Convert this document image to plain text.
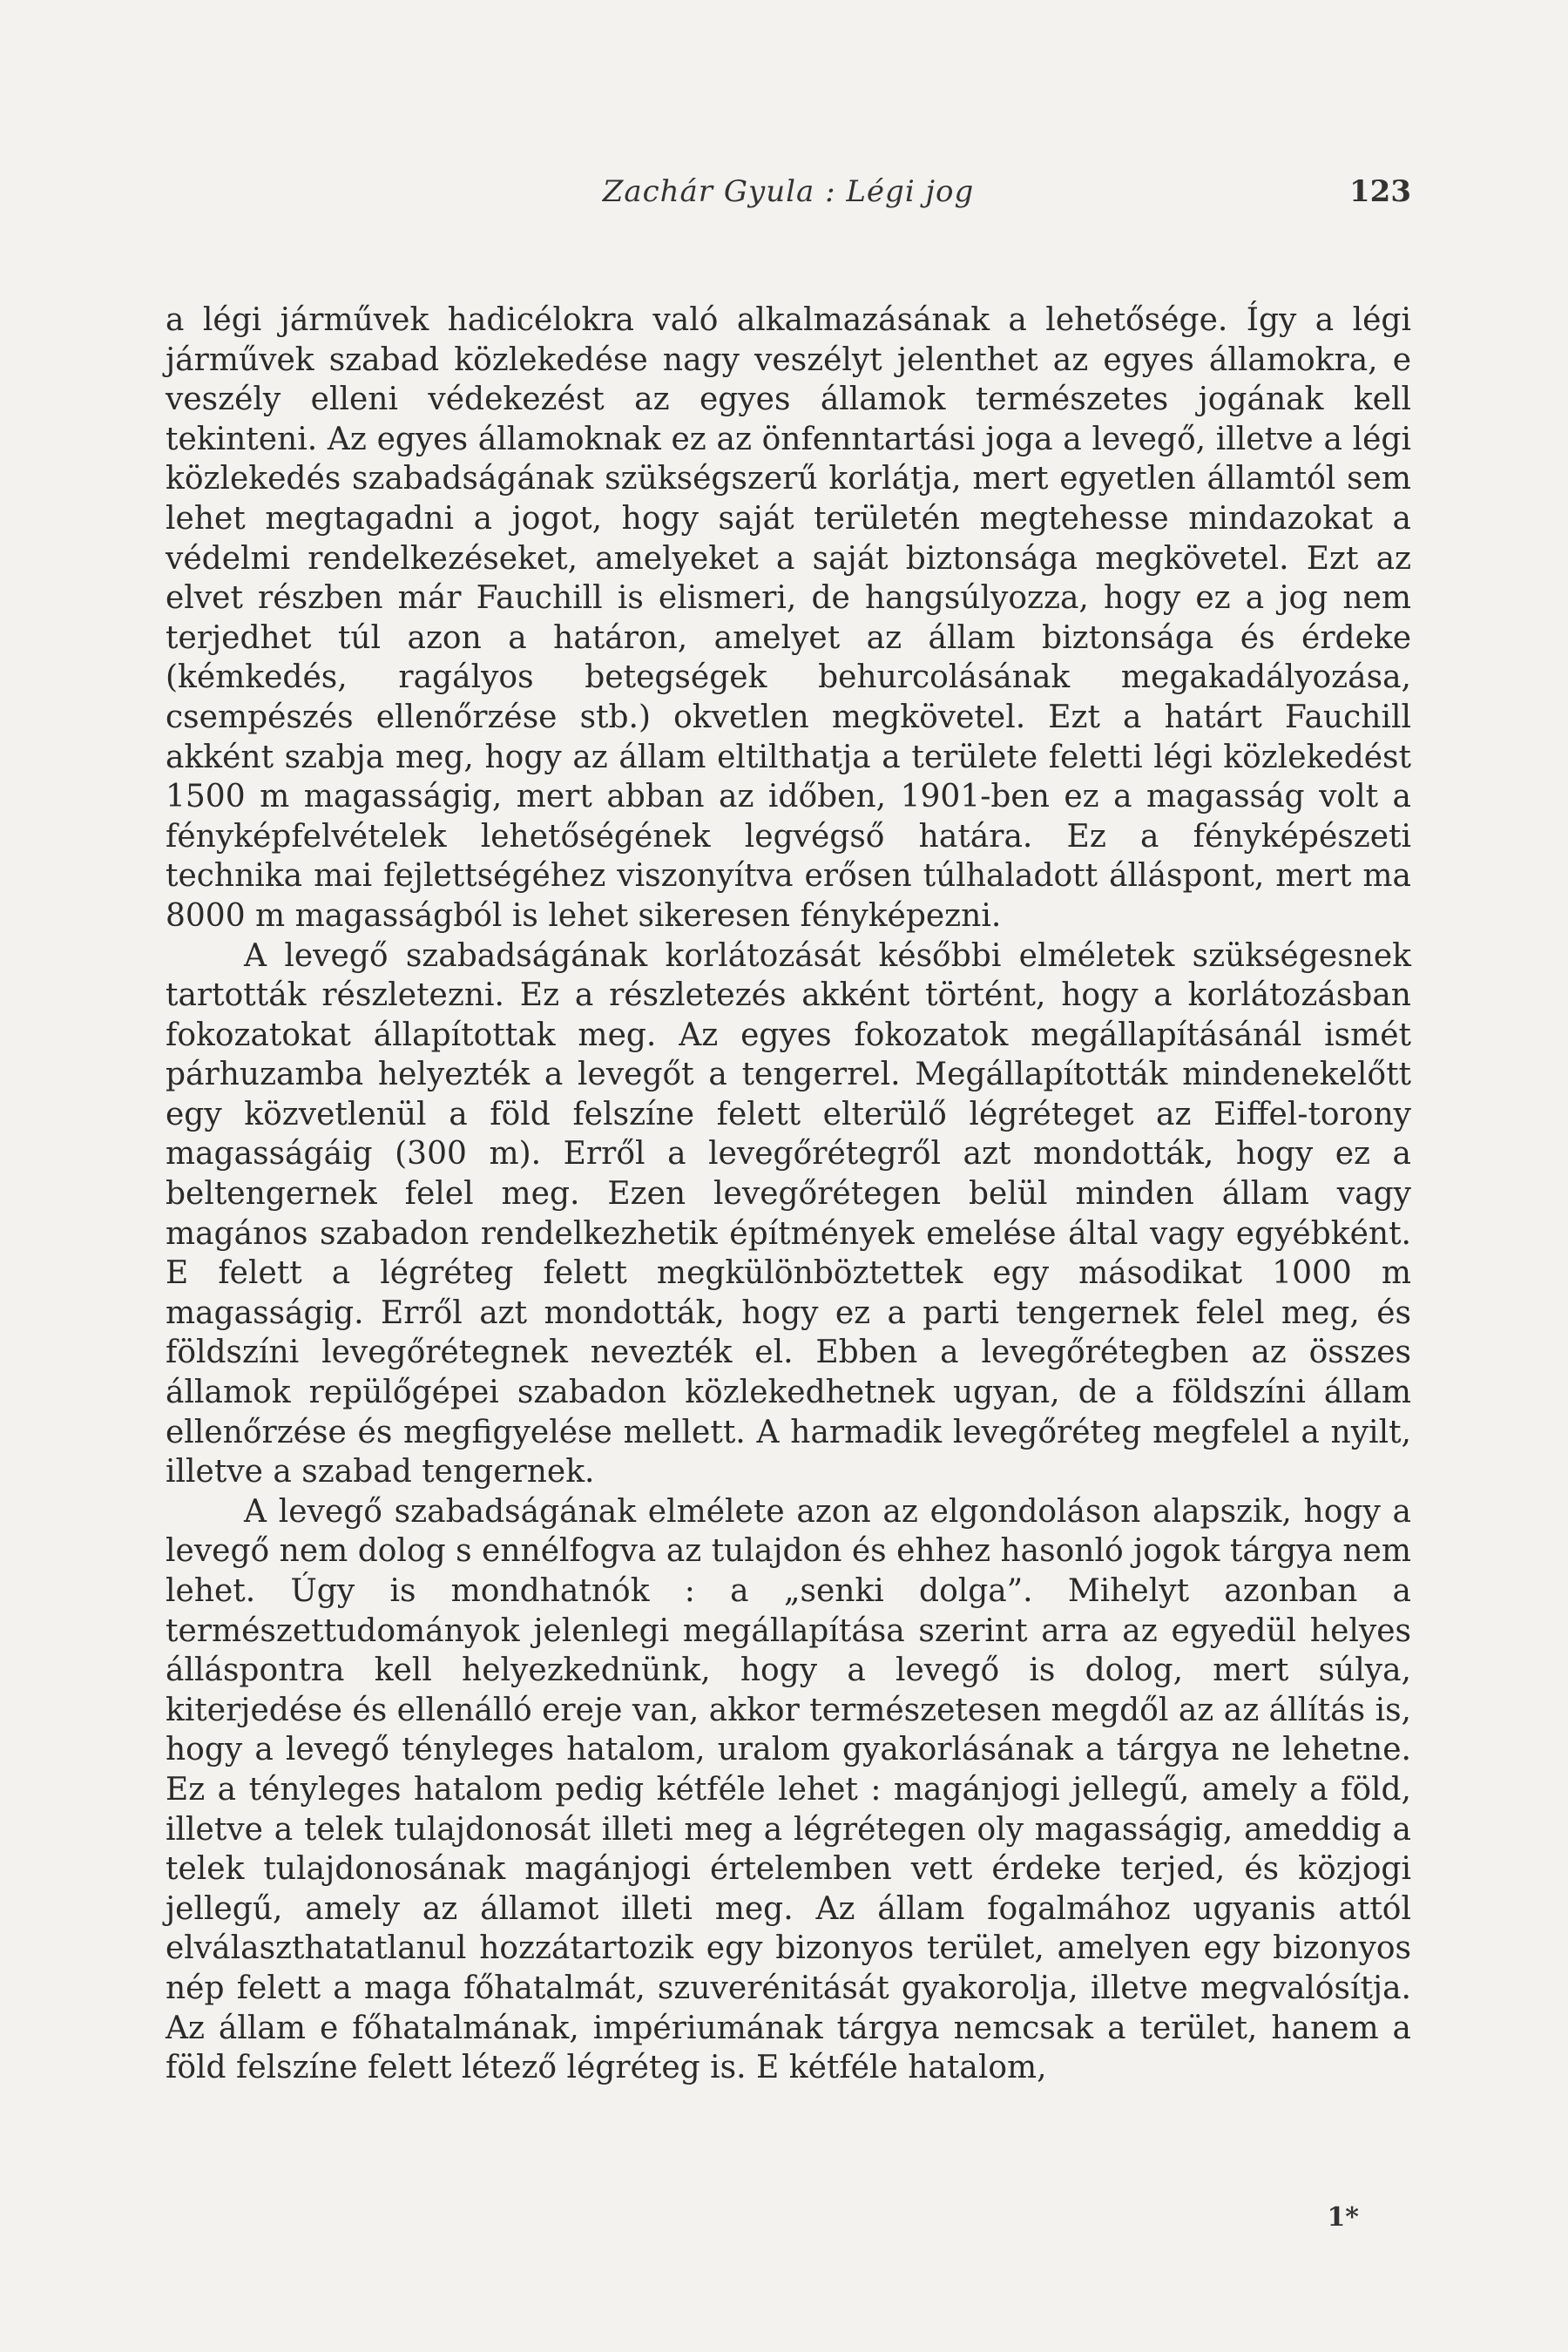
Zachár Gyula : Légi jog	123

a légi járművek hadicélokra való alkalmazásának a lehetősége. Így a légi járművek szabad közlekedése nagy veszélyt jelenthet az egyes államokra, e veszély elleni védekezést az egyes államok természetes jogának kell tekinteni. Az egyes államoknak ez az önfenntartási joga a levegő, illetve a légi közlekedés szabadságának szükségszerű korlátja, mert egyetlen államtól sem lehet megtagadni a jogot, hogy saját területén megtehesse mindazokat a védelmi rendelkezéseket, amelyeket a saját biztonsága megkövetel. Ezt az elvet részben már Fauchill is elismeri, de hangsúlyozza, hogy ez a jog nem terjedhet túl azon a határon, amelyet az állam biztonsága és érdeke (kémkedés, ragályos betegségek behurcolásának megakadályozása, csempészés ellenőrzése stb.) okvetlen megkövetel. Ezt a határt Fauchill akként szabja meg, hogy az állam eltilthatja a területe feletti légi közlekedést 1500 m magasságig, mert abban az időben, 1901-ben ez a magasság volt a fényképfelvételek lehetőségének legvégső határa. Ez a fényképészeti technika mai fejlettségéhez viszonyítva erősen túlhaladott álláspont, mert ma 8000 m magasságból is lehet sikeresen fényképezni.

A levegő szabadságának korlátozását későbbi elméletek szükségesnek tartották részletezni. Ez a részletezés akként történt, hogy a korlátozásban fokozatokat állapítottak meg. Az egyes fokozatok megállapításánál ismét párhuzamba helyezték a levegőt a tengerrel. Megállapították mindenekelőtt egy közvetlenül a föld felszíne felett elterülő légréteget az Eiffel-torony magasságáig (300 m). Erről a levegőrétegről azt mondották, hogy ez a beltengernek felel meg. Ezen levegőrétegen belül minden állam vagy magános szabadon rendelkezhetik építmények emelése által vagy egyébként. E felett a légréteg felett megkülönböztettek egy másodikat 1000 m magasságig. Erről azt mondották, hogy ez a parti tengernek felel meg, és földszíni levegőrétegnek nevezték el. Ebben a levegőrétegben az összes államok repülőgépei szabadon közlekedhetnek ugyan, de a földszíni állam ellenőrzése és megfigyelése mellett. A harmadik levegőréteg megfelel a nyilt, illetve a szabad tengernek.

A levegő szabadságának elmélete azon az elgondoláson alapszik, hogy a levegő nem dolog s ennélfogva az tulajdon és ehhez hasonló jogok tárgya nem lehet. Úgy is mondhatnók : a „senki dolga”. Mihelyt azonban a természettudományok jelenlegi megállapítása szerint arra az egyedül helyes álláspontra kell helyezkednünk, hogy a levegő is dolog, mert súlya, kiterjedése és ellenálló ereje van, akkor természetesen megdől az az állítás is, hogy a levegő tényleges hatalom, uralom gyakorlásának a tárgya ne lehetne. Ez a tényleges hatalom pedig kétféle lehet : magánjogi jellegű, amely a föld, illetve a telek tulajdonosát illeti meg a légrétegen oly magasságig, ameddig a telek tulajdonosának magánjogi értelemben vett érdeke terjed, és közjogi jellegű, amely az államot illeti meg. Az állam fogalmához ugyanis attól elválaszthatatlanul hozzátartozik egy bizonyos terület, amelyen egy bizonyos nép felett a maga főhatalmát, szuverénitását gyakorolja, illetve megvalósítja. Az állam e főhatalmának, impériumának tárgya nemcsak a terület, hanem a föld felszíne felett létező légréteg is. E kétféle hatalom,

1*
